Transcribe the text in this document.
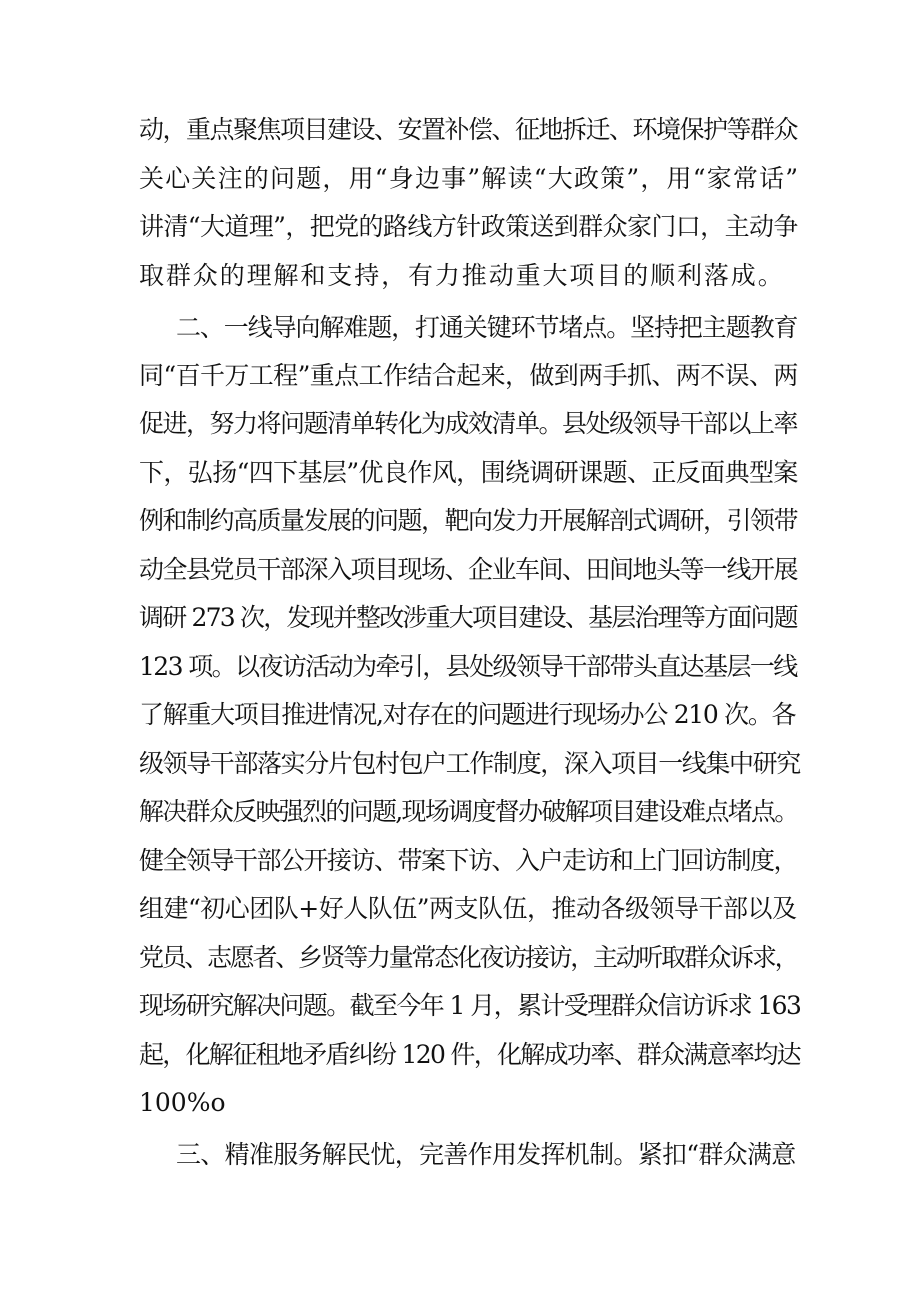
动，重点聚焦项目建设、安置补偿、征地拆迁、环境保护等群众

关心关注的问题，用“身边事”解读“大政策”，用“家常话”

讲清“大道理”，把党的路线方针政策送到群众家门口，主动争

取群众的理解和支持，有力推动重大项目的顺利落成。

二、一线导向解难题，打通关键环节堵点。坚持把主题教育

同“百千万工程”重点工作结合起来，做到两手抓、两不误、两

促进，努力将问题清单转化为成效清单。县处级领导干部以上率

下，弘扬“四下基层”优良作风，围绕调研课题、正反面典型案

例和制约高质量发展的问题，靶向发力开展解剖式调研，引领带

动全县党员干部深入项目现场、企业车间、田间地头等一线开展

调研 273 次，发现并整改涉重大项目建设、基层治理等方面问题

123 项。以夜访活动为牵引，县处级领导干部带头直达基层一线

了解重大项目推进情况,对存在的问题进行现场办公 210 次。各

级领导干部落实分片包村包户工作制度，深入项目一线集中研究

解决群众反映强烈的问题,现场调度督办破解项目建设难点堵点。

健全领导干部公开接访、带案下访、入户走访和上门回访制度，

组建“初心团队+好人队伍”两支队伍，推动各级领导干部以及

党员、志愿者、乡贤等力量常态化夜访接访，主动听取群众诉求，

现场研究解决问题。截至今年 1 月，累计受理群众信访诉求 163

起，化解征租地矛盾纠纷 120 件，化解成功率、群众满意率均达

100%o

三、精准服务解民忧，完善作用发挥机制。紧扣“群众满意
